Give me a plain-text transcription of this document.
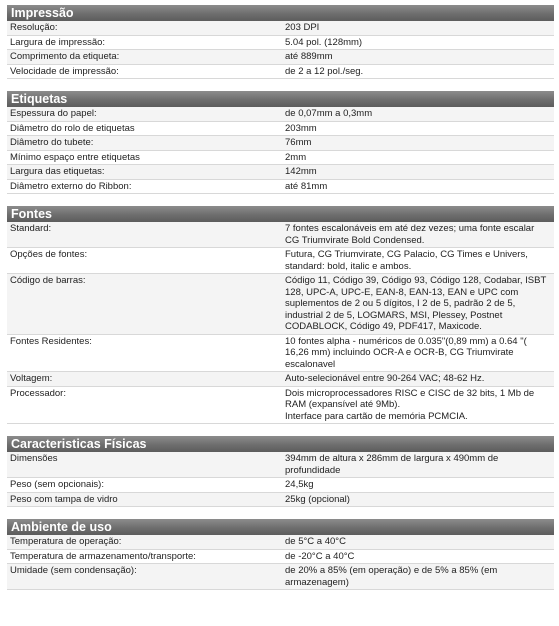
Impressão
Resolução:	203 DPI
Largura de impressão:	5.04 pol. (128mm)
Comprimento da etiqueta:	até 889mm
Velocidade de impressão:	de 2 a 12 pol./seg.
Etiquetas
Espessura do papel:	de 0,07mm a 0,3mm
Diâmetro do rolo de etiquetas	203mm
Diâmetro do tubete:	76mm
Mínimo espaço entre etiquetas	2mm
Largura das etiquetas:	142mm
Diâmetro externo do Ribbon:	até 81mm
Fontes
Standard:	7 fontes escalonáveis em até dez vezes; uma fonte escalar CG Triumvirate Bold Condensed.
Opções de fontes:	Futura, CG Triumvirate, CG Palacio, CG Times e Univers, standard: bold, italic e ambos.
Código de barras:	Código 11, Código 39, Código 93, Código 128, Codabar, ISBT 128, UPC-A, UPC-E, EAN-8, EAN-13, EAN e UPC com suplementos de 2 ou 5 dígitos, I 2 de 5, padrão 2 de 5, industrial 2 de 5, LOGMARS, MSI, Plessey, Postnet CODABLOCK, Código 49, PDF417, Maxicode.
Fontes Residentes:	10 fontes alpha - numéricos de 0.035"(0,89 mm) a 0.64 "( 16,26 mm) incluindo OCR-A e OCR-B, CG Triumvirate escalonavel
Voltagem:	Auto-selecionável entre 90-264 VAC; 48-62 Hz.
Processador:	Dois microprocessadores RISC e CISC de 32 bits, 1 Mb de RAM (expansível até 9Mb).
Interface para cartão de memória PCMCIA.
Caracteristicas Físicas
Dimensões	394mm de altura x 286mm de largura x 490mm de profundidade
Peso (sem opcionais):	24,5kg
Peso com tampa de vidro	25kg (opcional)
Ambiente de uso
Temperatura de operação:	de 5°C a 40°C
Temperatura de armazenamento/transporte:	de -20°C a 40°C
Umidade (sem condensação):	de 20% a 85% (em operação) e de 5% a 85% (em armazenagem)
